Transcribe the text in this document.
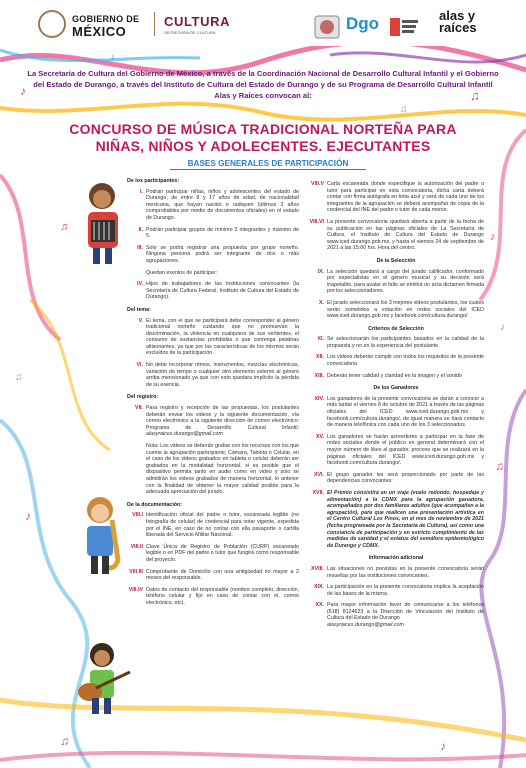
♪	♫
♫
♪
♪
♫
♫	♪
♪
♫
♫
♪
GOBIERNO DE
MÉXICO
CULTURA
SECRETARÍA DE CULTURA	Dgo	alas y
raíces
La Secretaría de Cultura del Gobierno de México, a través de la Coordinación Nacional de Desarrollo Cultural Infantil y el Gobierno del Estado de Durango, a través del Instituto de Cultura del Estado de Durango y de su Programa de Desarrollo Cultural Infantil Alas y Raíces convocan al:
CONCURSO DE MÚSICA TRADICIONAL NORTEÑA PARA
NIÑAS, NIÑOS Y ADOLECENTES. EJECUTANTES
BASES GENERALES DE PARTICIPACIÓN
De los participantes:
I. Podrán participar niñas, niños y adolescentes del estado de Durango, de entre 8 y 17 años de edad, de nacionalidad mexicana, que hayan nacido o radiquen (últimos 3 años comprobables por medio de documentos oficiales) en el estado de Durango.
II. Podrán participar grupos de mínimo 3 integrantes y máximo de 5.
III. Solo se podrá registrar una propuesta por grupo norteño. Ninguna persona podrá ser integrante de dos o más agrupaciones.
Quedan exentos de participar:
IV. Hijos de trabajadores de las Instituciones convocantes (la Secretaría de Cultura Federal, Instituto de Cultura del Estado de Durango).
Del tema:
V. El tema, con el que se participará debe corresponder al género tradicional norteño cuidando que no promuevan la discriminación, la violencia en cualquiera de sus vertientes, el consumo de sustancias prohibidas o que contenga palabras altisonantes, ya que por las características de los mismos serán excluidos de la participación.
VI. No debe incorporar ritmos, instrumentos, mezclas electrónicas, variación de tempo o cualquier otro elemento externo al género arriba mencionado ya que con esto quedara implícito la pérdida de su esencia.
Del registro:
VII. Para registro y recepción de las propuestas, los postulantes deberán enviar los videos y la siguiente documentación, vía correo electrónico a la siguiente dirección de correo electrónico: Programa de Desarrollo Cultural Infantil: alasyraices.durango@gmail.com
Nota: Los videos se deberán grabar con los recursos con los que cuente la agrupación participante; Cámara, Tableta o Celular, en el caso de los videos grabados en tableta o celular deberán ser grabados en la modalidad horizontal, si es posible que el dispositivo permita tanto en audio como en video y solo se admitirán los videos grabados de manera horizontal, lo anterior con la finalidad de obtener la mayor calidad posible para la adecuada apreciación del jurado.
De la documentación:
VIII.I Identificación oficial del padre o tutor, escaneada legible (no fotografía de celular) de credencial para votar vigente, expedida por el INE, en caso de no contar con ella pasaporte o cartilla liberada del Servicio Militar Nacional.
VIII.II Clave Única de Registro de Población (CURP) escaneado legible o en PDF del padre o tutor que fungirá como responsable del proyecto.
VIII.III Comprobante de Domicilio con una antigüedad no mayor a 2 meses del responsable.
VIII.IV Datos de contacto del responsable (nombre completo, dirección, teléfono celular y fijo en caso de contar con el, correo electrónico, etc).
VIII.V Carta escaneada donde especifique la autorización del padre o tutor para participar en esta convocatoria, dicha carta deberá contar con firma autógrafa en tinta azul y será de cada uno de los integrantes de la agrupación se deberá acompañar de copia de la credencial del INE del padre o tutor de cada menor.
VIII.VI La presente convocatoria quedará abierta a partir de la fecha de su publicación en las páginas oficiales de La Secretaría de Cultura, el Instituto de Cultura del Estado de Durango www.iced.durango.gob.mx, y hasta el viernes 24 de septiembre de 2021 a las 15:00 hrs. Hora del centro.
De la Selección
IX. La selección quedará a cargo del jurado calificador, conformado por especialistas en el género musical y su decisión será inapelable, para avalar el fallo se emitirá un acta dictamen firmada por los seleccionadores.
X. El jurado seleccionará los 3 mejores videos postulantes, los cuales serán sometidos a votación en redes sociales del ICED www.iced.durango.gob.mx y facebook.com/cultura.durango/
Criterios de Selección
XI. Se seleccionarán los participantes basados en la calidad de la propuesta y no en la experiencia del postulante.
XII. Los videos deberán cumplir con todos los requisitos de la presente convocatoria
XIII. Deberán tener calidad y claridad en la imagen y el sonido
De los Ganadores
XIV. Los ganadores de la presente convocatoria se darán a conocer a más tardar el viernes 8 de octubre de 2021 a través de las páginas oficiales del ICED www.iced.durango.gob.mx y facebook.com/cultura.durango/, de igual manera se hará contacto de manera telefónica con cada uno de los 3 seleccionados.
XV. Los ganadores se harán acreedores a participar en la fase de redes sociales donde el público en general determinará con el mayor número de likes al ganador, proceso que se realizará en la páginas oficiales del ICED www.iced.durango.gob.mx y facebook.com/cultura.durango/.
XVI. El grupo ganador les será proporcionado por parte de las dependencias convocantes:
XVII. El Premio consistirá en un viaje (vuelo redondo, hospedaje y alimentación) a la CDMX para la agrupación ganadora, acompañados por dos familiares adultos (que acompañen a la agrupación), para que realicen una presentación artística en el Centro Cultural Los Pinos, en el mes de noviembre de 2021 (fecha programada por la Secretaría de Cultura), así como una constancia de participación y en estricto cumplimiento de las medidas de sanidad y el estatus del semáforo epidemiológico de Durango y CDMX.
Información adicional
XVIII. Las situaciones no previstas en la presente convocatoria serán resueltas por las instituciones convocantes.
XIX. La participación en la presente convocatoria implica la aceptación de las bases de la misma.
XX. Para mayor información favor de comunicarse a los teléfonos (618) 8124623 a la Dirección de Vinculación del Instituto de Cultura del Estado de Durango
alasyraices.durango@gmail.com
